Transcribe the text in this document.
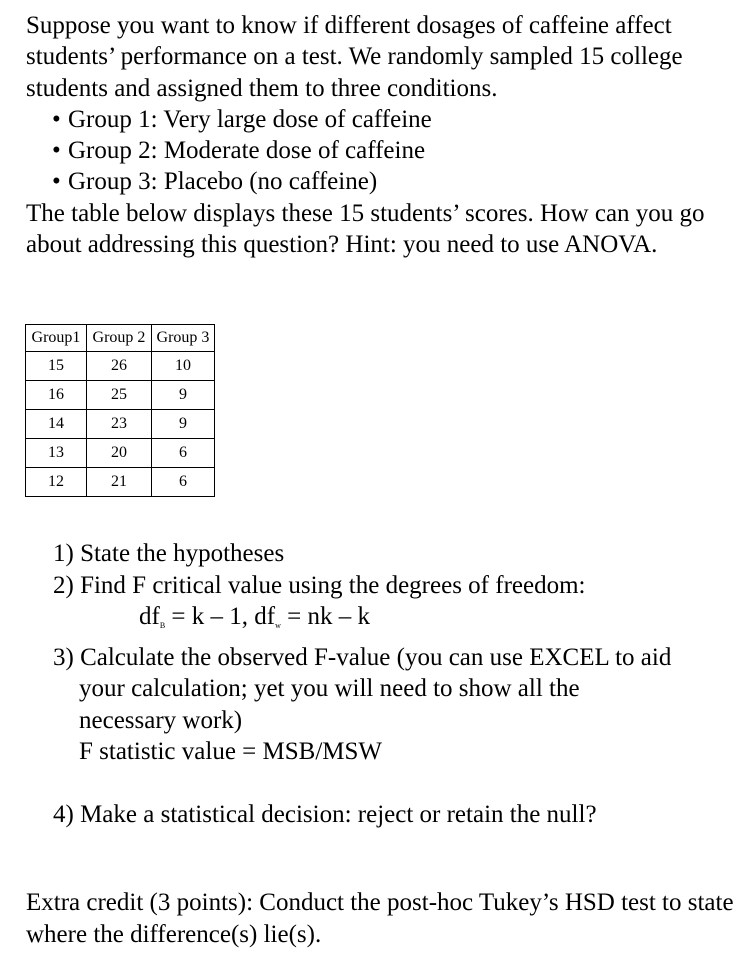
Suppose you want to know if different dosages of caffeine affect students’ performance on a test. We randomly sampled 15 college students and assigned them to three conditions.

• Group 1: Very large dose of caffeine
• Group 2: Moderate dose of caffeine
• Group 3: Placebo (no caffeine)

The table below displays these 15 students’ scores. How can you go about addressing this question? Hint: you need to use ANOVA.

Group1	Group 2	Group 3
15	26	10
16	25	9
14	23	9
13	20	6
12	21	6

1) State the hypotheses

2) Find F critical value using the degrees of freedom:

$df_B = k - 1$, $df_w$ = nk – k

3) Calculate the observed F-value (you can use EXCEL to aid

your calculation; yet you will need to show all the

necessary work)

F statistic value = MSB/MSW

4) Make a statistical decision: reject or retain the null?

Extra credit (3 points): Conduct the post-hoc Tukey’s HSD test to state where the difference(s) lie(s).
